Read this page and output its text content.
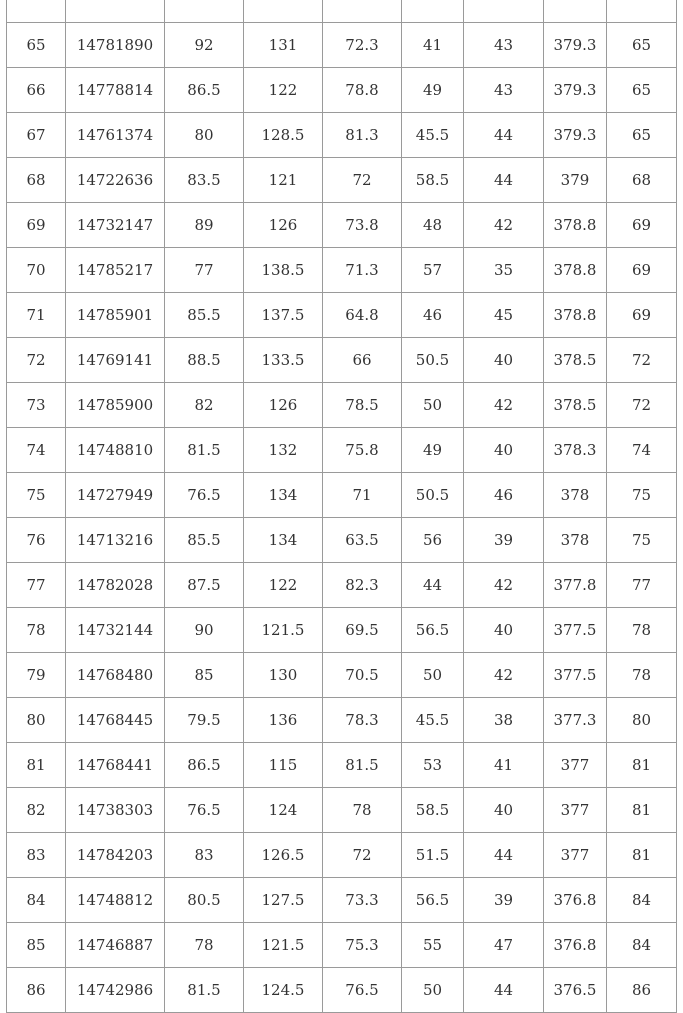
65	14781890	92	131	72.3	41	43	379.3	65
66	14778814	86.5	122	78.8	49	43	379.3	65
67	14761374	80	128.5	81.3	45.5	44	379.3	65
68	14722636	83.5	121	72	58.5	44	379	68
69	14732147	89	126	73.8	48	42	378.8	69
70	14785217	77	138.5	71.3	57	35	378.8	69
71	14785901	85.5	137.5	64.8	46	45	378.8	69
72	14769141	88.5	133.5	66	50.5	40	378.5	72
73	14785900	82	126	78.5	50	42	378.5	72
74	14748810	81.5	132	75.8	49	40	378.3	74
75	14727949	76.5	134	71	50.5	46	378	75
76	14713216	85.5	134	63.5	56	39	378	75
77	14782028	87.5	122	82.3	44	42	377.8	77
78	14732144	90	121.5	69.5	56.5	40	377.5	78
79	14768480	85	130	70.5	50	42	377.5	78
80	14768445	79.5	136	78.3	45.5	38	377.3	80
81	14768441	86.5	115	81.5	53	41	377	81
82	14738303	76.5	124	78	58.5	40	377	81
83	14784203	83	126.5	72	51.5	44	377	81
84	14748812	80.5	127.5	73.3	56.5	39	376.8	84
85	14746887	78	121.5	75.3	55	47	376.8	84
86	14742986	81.5	124.5	76.5	50	44	376.5	86
